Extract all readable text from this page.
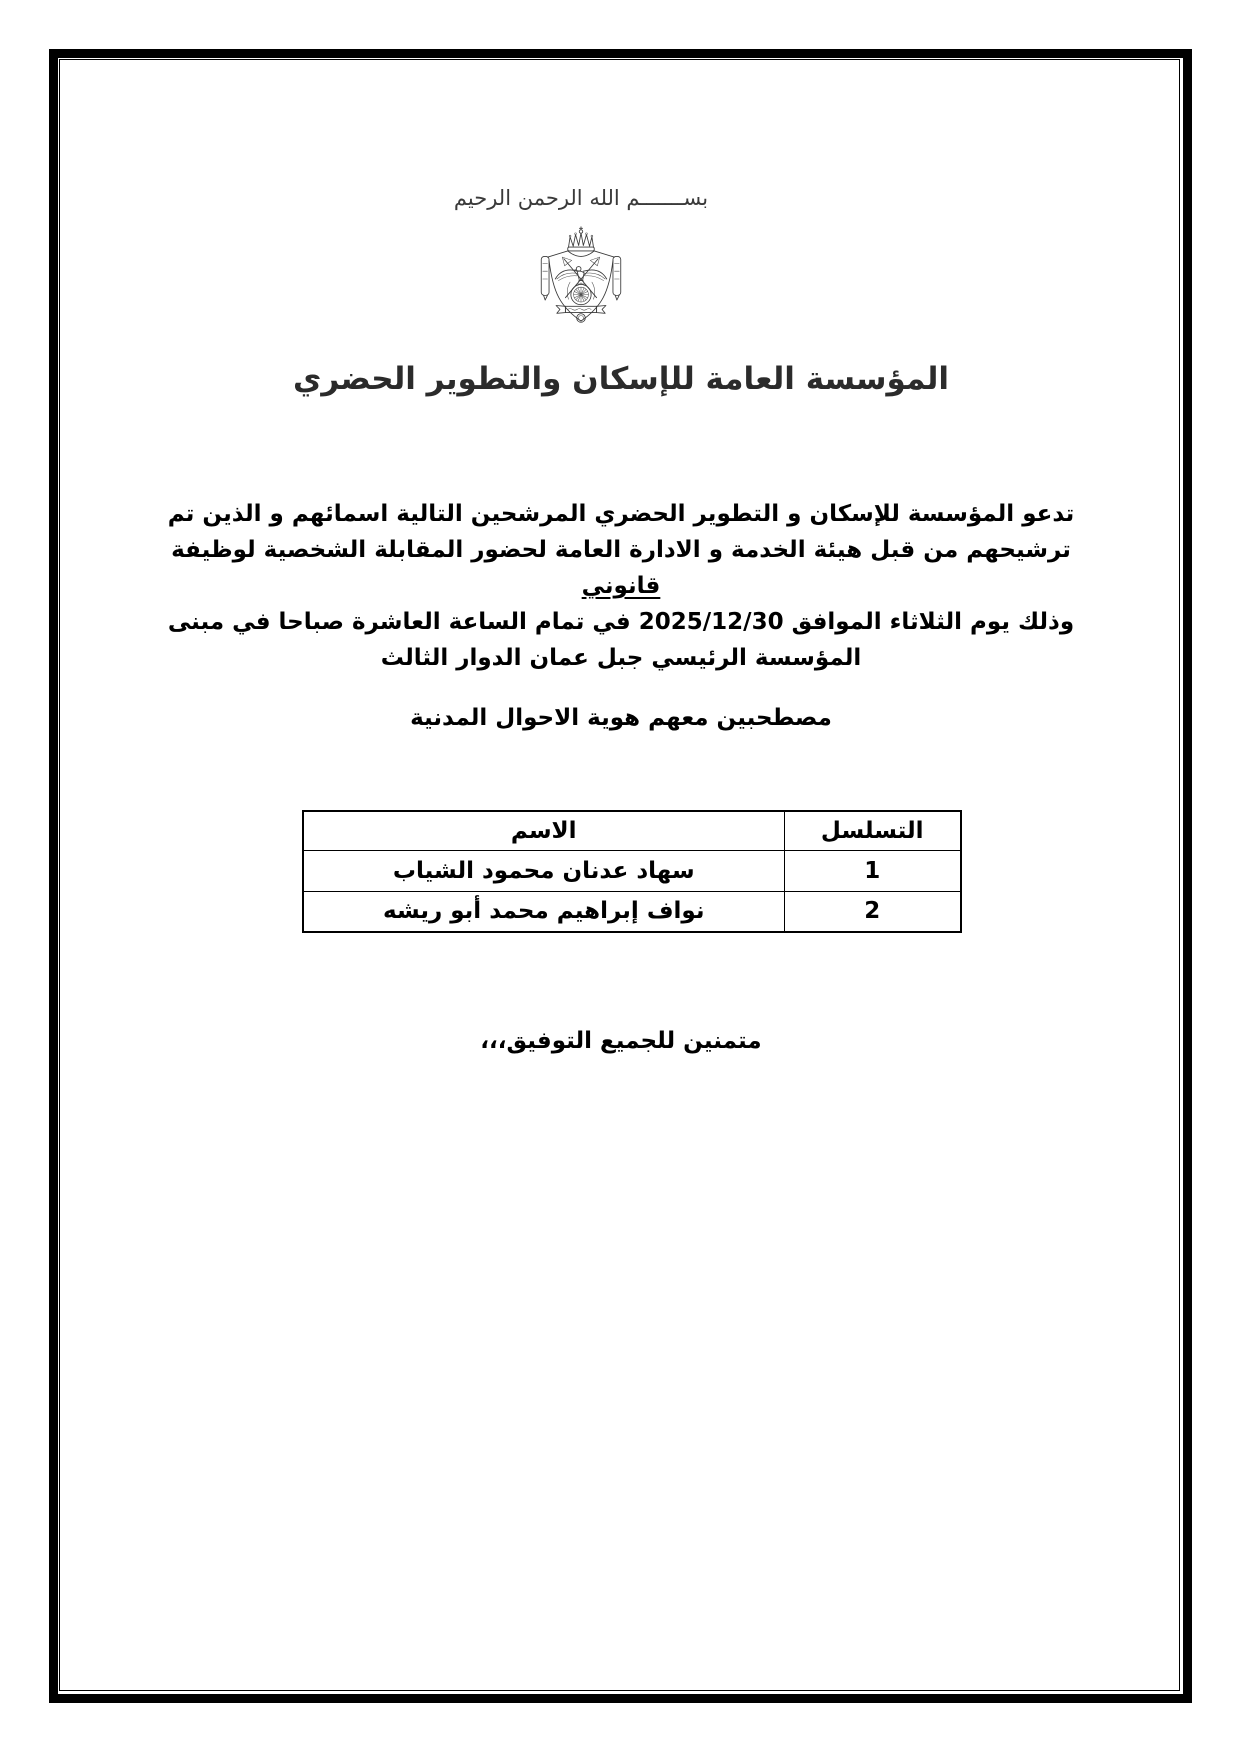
بســـــــم الله الرحمن الرحيم
المؤسسة العامة للإسكان والتطوير الحضري
تدعو المؤسسة للإسكان و التطوير الحضري المرشحين التالية اسمائهم و الذين تم
ترشيحهم من قبل هيئة الخدمة و الادارة العامة لحضور المقابلة الشخصية لوظيفة
قانوني
وذلك يوم الثلاثاء الموافق 2025/12/30 في تمام الساعة العاشرة صباحا في مبنى
المؤسسة الرئيسي جبل عمان الدوار الثالث
مصطحبين معهم هوية الاحوال المدنية
التسلسل	الاسم
1	سهاد عدنان محمود الشياب
2	نواف إبراهيم محمد أبو ريشه
متمنين للجميع التوفيق،،،
